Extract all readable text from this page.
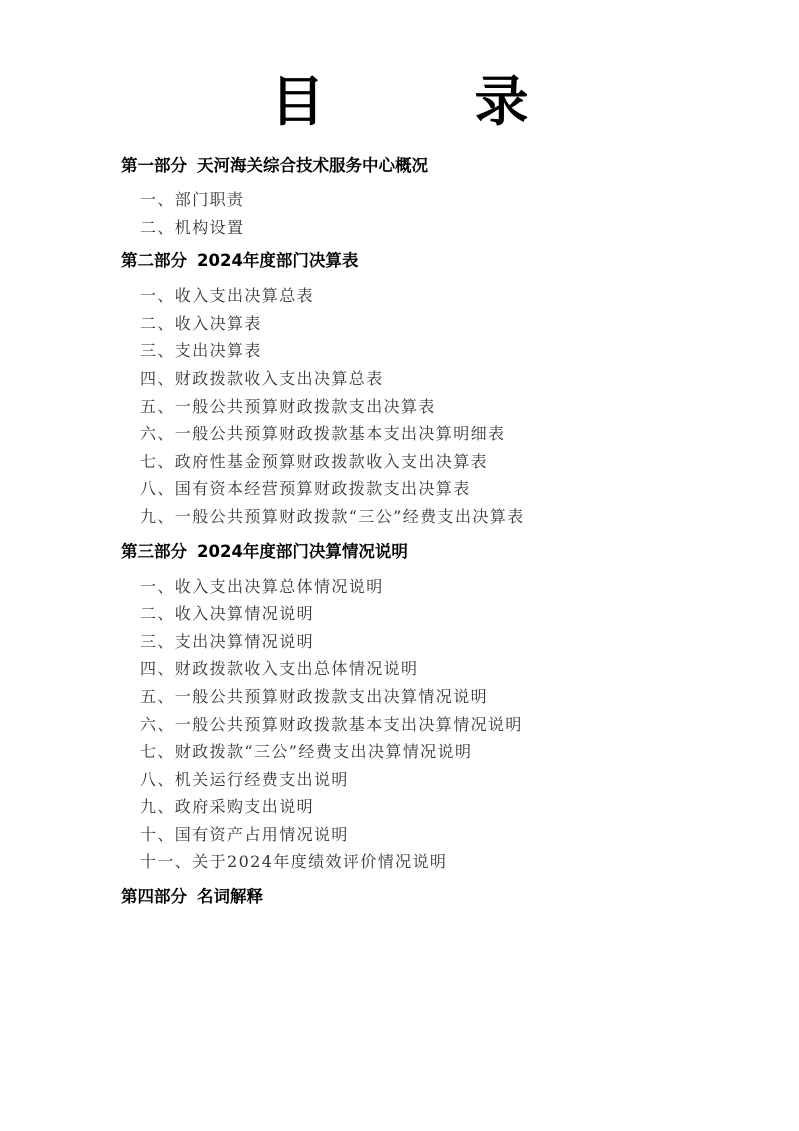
目　录
第一部分 天河海关综合技术服务中心概况
一、部门职责
二、机构设置
第二部分 2024年度部门决算表
一、收入支出决算总表
二、收入决算表
三、支出决算表
四、财政拨款收入支出决算总表
五、一般公共预算财政拨款支出决算表
六、一般公共预算财政拨款基本支出决算明细表
七、政府性基金预算财政拨款收入支出决算表
八、国有资本经营预算财政拨款支出决算表
九、一般公共预算财政拨款“三公”经费支出决算表
第三部分 2024年度部门决算情况说明
一、收入支出决算总体情况说明
二、收入决算情况说明
三、支出决算情况说明
四、财政拨款收入支出总体情况说明
五、一般公共预算财政拨款支出决算情况说明
六、一般公共预算财政拨款基本支出决算情况说明
七、财政拨款“三公”经费支出决算情况说明
八、机关运行经费支出说明
九、政府采购支出说明
十、国有资产占用情况说明
十一、关于2024年度绩效评价情况说明
第四部分 名词解释
